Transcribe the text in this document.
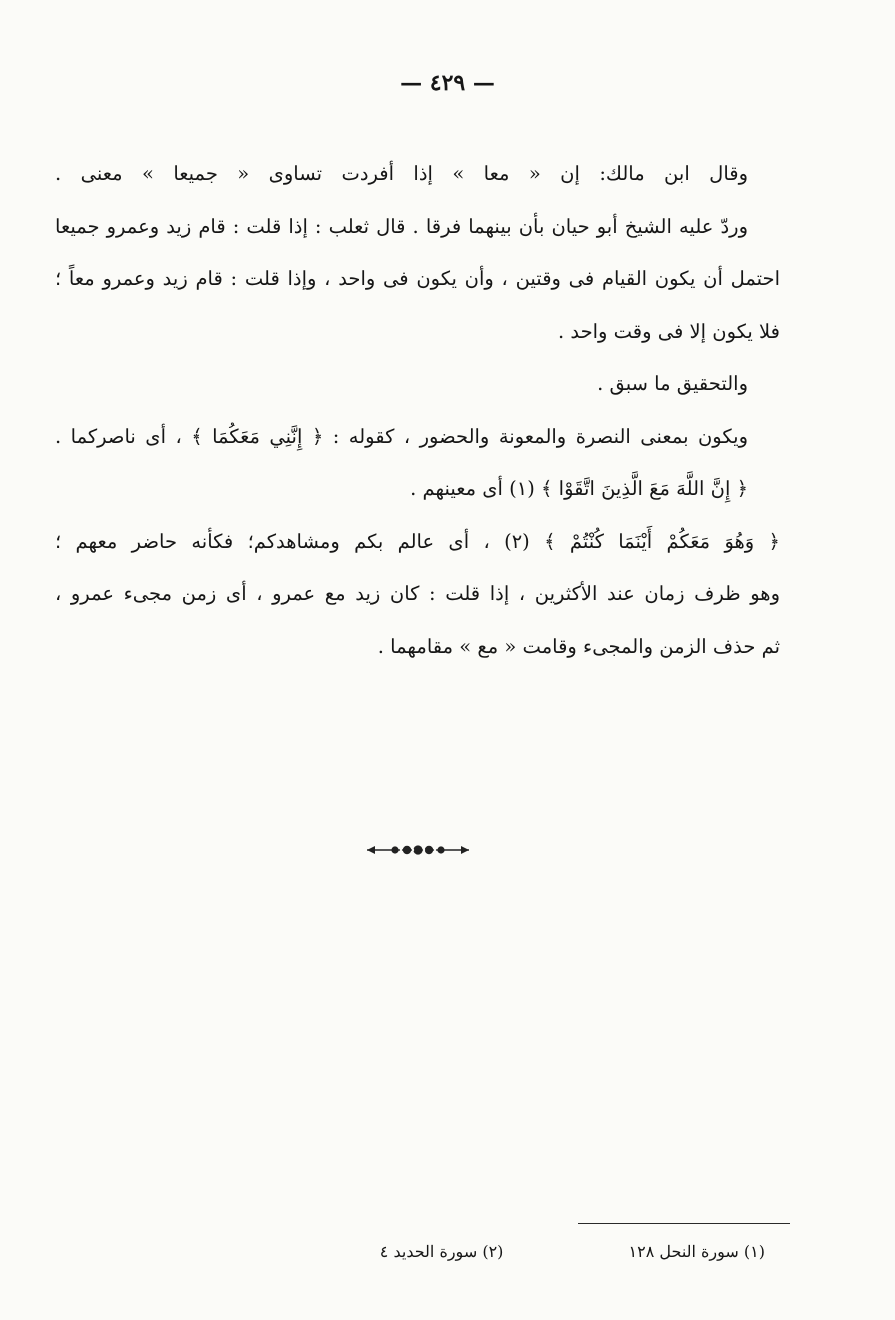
— ٤٢٩ —
وقال ابن مالك: إن « معا » إذا أفردت تساوى « جميعا » معنى .
وردّ عليه الشيخ أبو حيان بأن بينهما فرقا . قال ثعلب : إذا قلت : قام زيد وعمرو جميعا
احتمل أن يكون القيام فى وقتين ، وأن يكون فى واحد ، وإذا قلت : قام زيد وعمرو معاً ؛
فلا يكون إلا فى وقت واحد .
والتحقيق ما سبق .
ويكون بمعنى النصرة والمعونة والحضور ، كقوله : ﴿ إِنَّنِي مَعَكُمَا ﴾ ، أى ناصركما .
﴿ إِنَّ اللَّهَ مَعَ الَّذِينَ اتَّقَوْا ﴾ (١) أى معينهم .
﴿ وَهُوَ مَعَكُمْ أَيْنَمَا كُنْتُمْ ﴾ (٢) ، أى عالم بكم ومشاهدكم؛ فكأنه حاضر معهم ؛
وهو ظرف زمان عند الأكثرين ، إذا قلت : كان زيد مع عمرو ، أى زمن مجىء عمرو ،
ثم حذف الزمن والمجىء وقامت « مع » مقامهما .
(١) سورة النحل ١٢٨ (٢) سورة الحديد ٤
